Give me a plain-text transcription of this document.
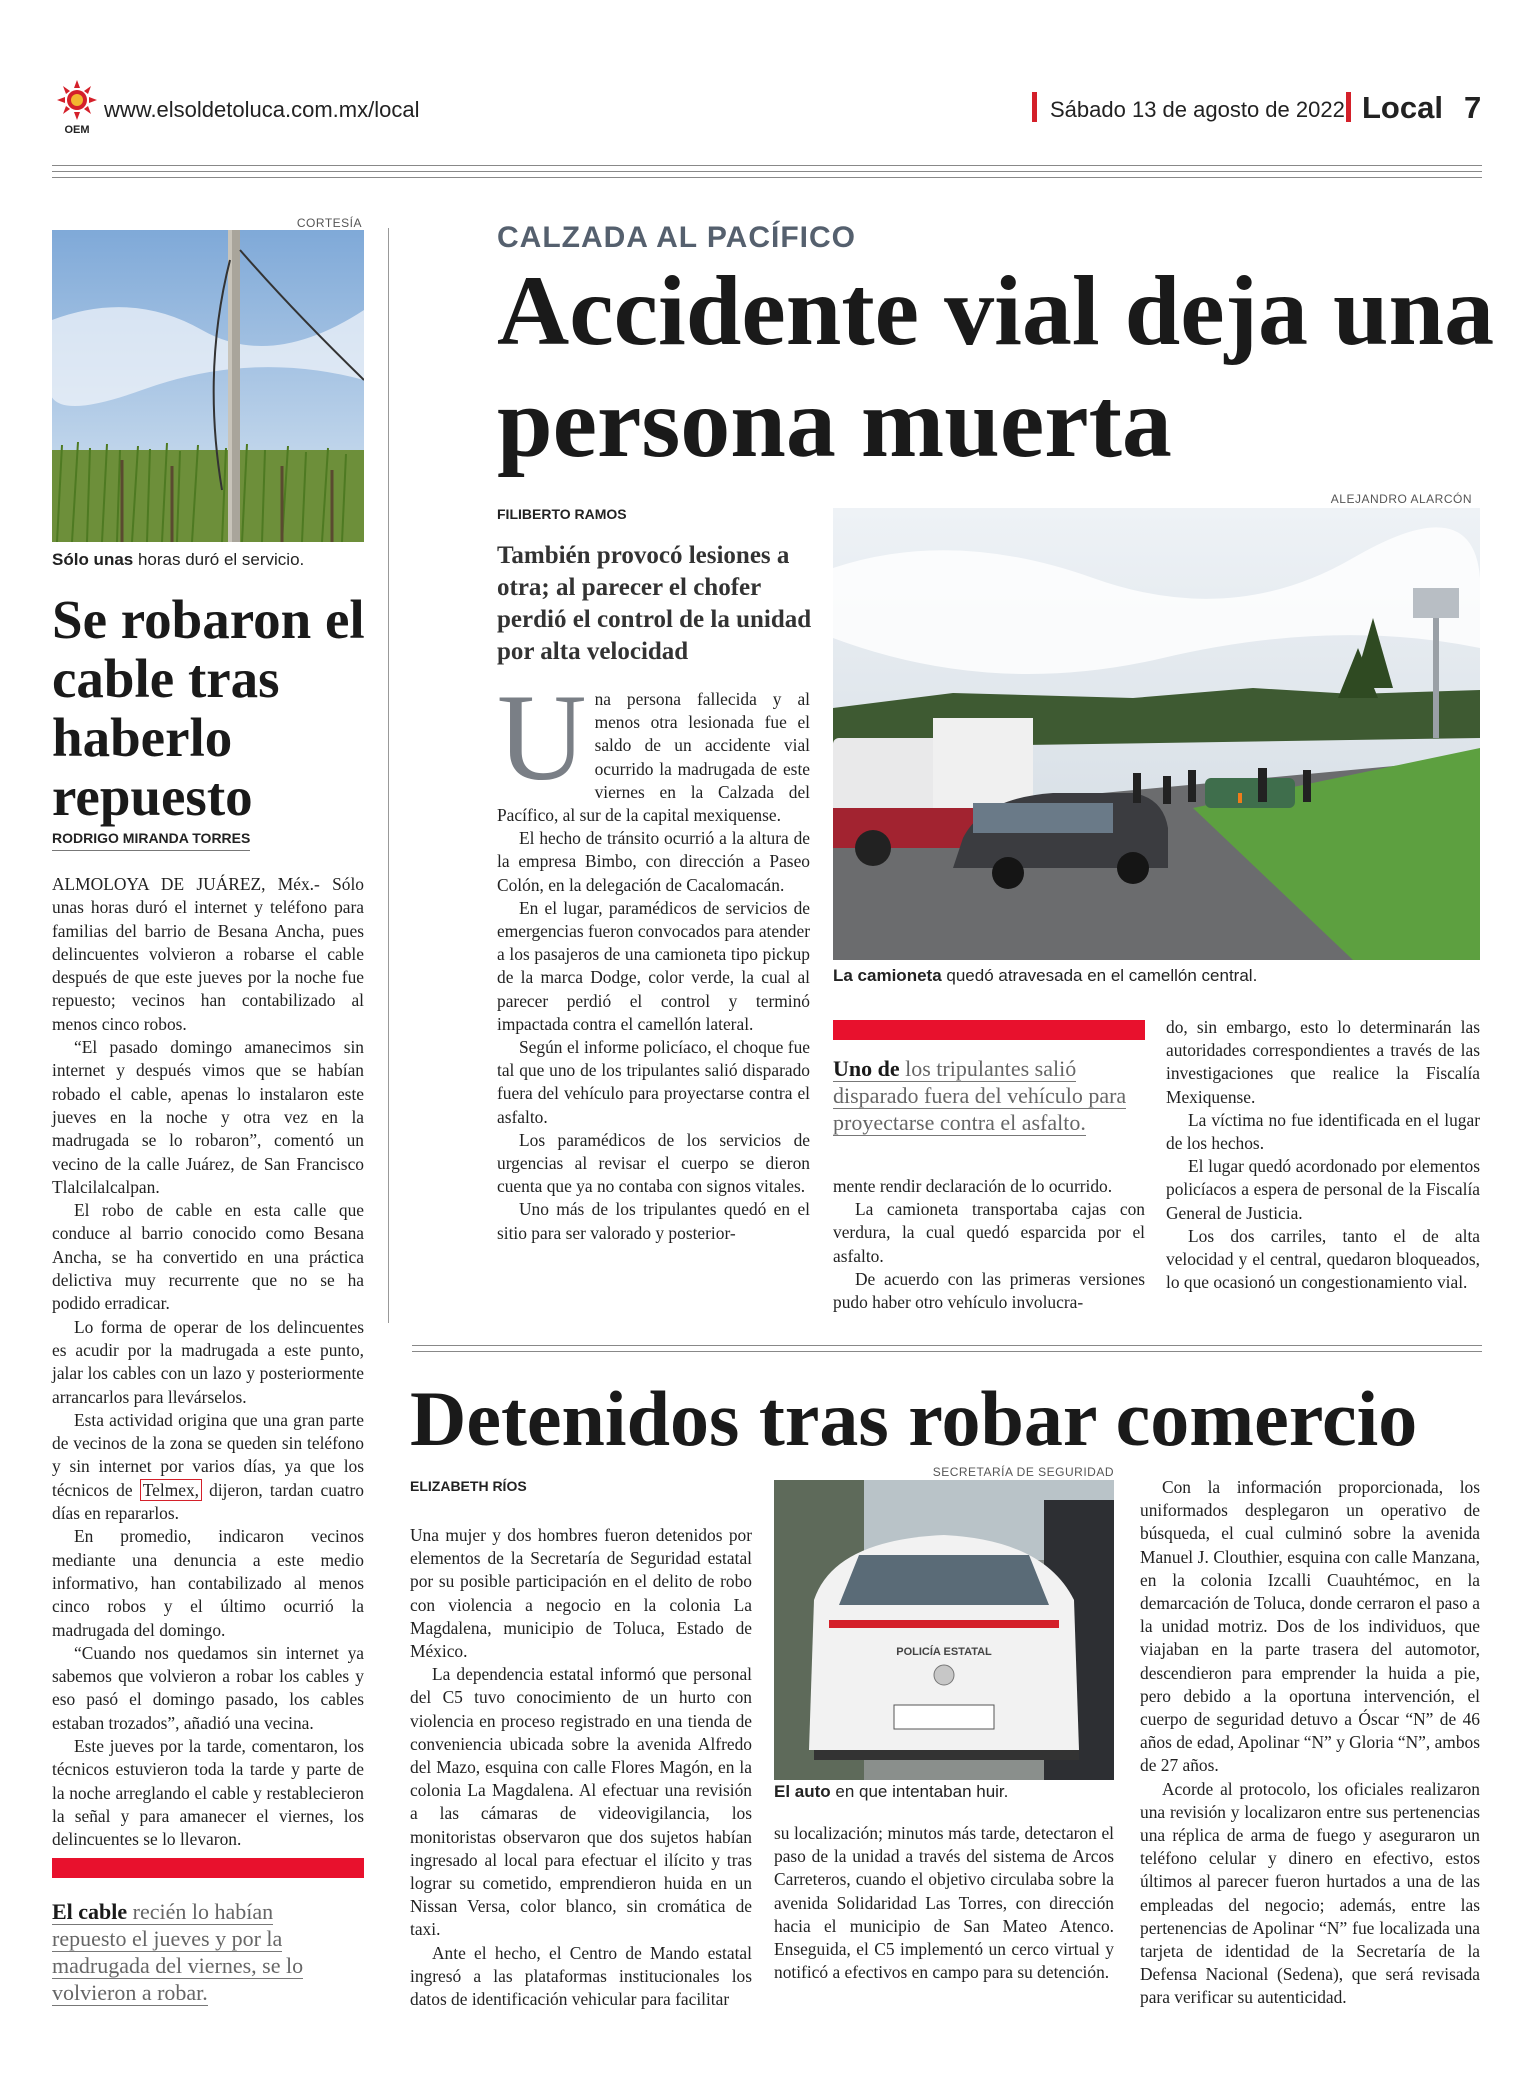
OEM
www.elsoldetoluca.com.mx/local	Sábado 13 de agosto de 2022 Local 7
CORTESÍA
Sólo unas horas duró el servicio.
Se robaron el cable tras haberlo repuesto
RODRIGO MIRANDA TORRES

ALMOLOYA DE JUÁREZ, Méx.- Sólo unas horas duró el internet y teléfono para familias del barrio de Besana Ancha, pues delincuentes volvieron a robarse el cable después de que este jueves por la noche fue repuesto; vecinos han contabilizado al menos cinco robos.

“El pasado domingo amanecimos sin internet y después vimos que se habían robado el cable, apenas lo instalaron este jueves en la noche y otra vez en la madrugada se lo robaron”, comentó un vecino de la calle Juárez, de San Francisco Tlalcilalcalpan.

El robo de cable en esta calle que conduce al barrio conocido como Besana Ancha, se ha convertido en una práctica delictiva muy recurrente que no se ha podido erradicar.

Lo forma de operar de los delincuentes es acudir por la madrugada a este punto, jalar los cables con un lazo y posteriormente arrancarlos para llevárselos.

Esta actividad origina que una gran parte de vecinos de la zona se queden sin teléfono y sin internet por varios días, ya que los técnicos de Telmex, dijeron, tardan cuatro días en repararlos.

En promedio, indicaron vecinos mediante una denuncia a este medio informativo, han contabilizado al menos cinco robos y el último ocurrió la madrugada del domingo.

“Cuando nos quedamos sin internet ya sabemos que volvieron a robar los cables y eso pasó el domingo pasado, los cables estaban trozados”, añadió una vecina.

Este jueves por la tarde, comentaron, los técnicos estuvieron toda la tarde y parte de la noche arreglando el cable y restablecieron la señal y para amanecer el viernes, los delincuentes se lo llevaron.

El cable recién lo habían
repuesto el jueves y por la
madrugada del viernes, se lo
volvieron a robar.
CALZADA AL PACÍFICO
Accidente vial deja una persona muerta
FILIBERTO RAMOS
ALEJANDRO ALARCÓN
También provocó lesiones a otra; al parecer el chofer perdió el control de la unidad por alta velocidad

Una persona fallecida y al menos otra lesionada fue el saldo de un accidente vial ocurrido la madrugada de este viernes en la Calzada del Pacífico, al sur de la capital mexiquense.

El hecho de tránsito ocurrió a la altura de la empresa Bimbo, con dirección a Paseo Colón, en la delegación de Cacalomacán.

En el lugar, paramédicos de servicios de emergencias fueron convocados para atender a los pasajeros de una camioneta tipo pickup de la marca Dodge, color verde, la cual al parecer perdió el control y terminó impactada contra el camellón lateral.

Según el informe policíaco, el choque fue tal que uno de los tripulantes salió disparado fuera del vehículo para proyectarse contra el asfalto.

Los paramédicos de los servicios de urgencias al revisar el cuerpo se dieron cuenta que ya no contaba con signos vitales.

Uno más de los tripulantes quedó en el sitio para ser valorado y posterior-

La camioneta quedó atravesada en el camellón central.
Uno de los tripulantes salió
disparado fuera del vehículo para
proyectarse contra el asfalto.

mente rendir declaración de lo ocurrido.

La camioneta transportaba cajas con verdura, la cual quedó esparcida por el asfalto.

De acuerdo con las primeras versiones pudo haber otro vehículo involucra-

do, sin embargo, esto lo determinarán las autoridades correspondientes a través de las investigaciones que realice la Fiscalía Mexiquense.

La víctima no fue identificada en el lugar de los hechos.

El lugar quedó acordonado por elementos policíacos a espera de personal de la Fiscalía General de Justicia.

Los dos carriles, tanto el de alta velocidad y el central, quedaron bloqueados, lo que ocasionó un congestionamiento vial.

Detenidos tras robar comercio
ELIZABETH RÍOS

Una mujer y dos hombres fueron detenidos por elementos de la Secretaría de Seguridad estatal por su posible participación en el delito de robo con violencia a negocio en la colonia La Magdalena, municipio de Toluca, Estado de México.

La dependencia estatal informó que personal del C5 tuvo conocimiento de un hurto con violencia en proceso registrado en una tienda de conveniencia ubicada sobre la avenida Alfredo del Mazo, esquina con calle Flores Magón, en la colonia La Magdalena. Al efectuar una revisión a las cámaras de videovigilancia, los monitoristas observaron que dos sujetos habían ingresado al local para efectuar el ilícito y tras lograr su cometido, emprendieron huida en un Nissan Versa, color blanco, sin cromática de taxi.

Ante el hecho, el Centro de Mando estatal ingresó a las plataformas institucionales los datos de identificación vehicular para facilitar

SECRETARÍA DE SEGURIDAD
POLICÍA ESTATAL
El auto en que intentaban huir.

su localización; minutos más tarde, detectaron el paso de la unidad a través del sistema de Arcos Carreteros, cuando el objetivo circulaba sobre la avenida Solidaridad Las Torres, con dirección hacia el municipio de San Mateo Atenco. Enseguida, el C5 implementó un cerco virtual y notificó a efectivos en campo para su detención.

Con la información proporcionada, los uniformados desplegaron un operativo de búsqueda, el cual culminó sobre la avenida Manuel J. Clouthier, esquina con calle Manzana, en la colonia Izcalli Cuauhtémoc, en la demarcación de Toluca, donde cerraron el paso a la unidad motriz. Dos de los individuos, que viajaban en la parte trasera del automotor, descendieron para emprender la huida a pie, pero debido a la oportuna intervención, el cuerpo de seguridad detuvo a Óscar “N” de 46 años de edad, Apolinar “N” y Gloria “N”, ambos de 27 años.

Acorde al protocolo, los oficiales realizaron una revisión y localizaron entre sus pertenencias una réplica de arma de fuego y aseguraron un teléfono celular y dinero en efectivo, estos últimos al parecer fueron hurtados a una de las empleadas del negocio; además, entre las pertenencias de Apolinar “N” fue localizada una tarjeta de identidad de la Secretaría de la Defensa Nacional (Sedena), que será revisada para verificar su autenticidad.
